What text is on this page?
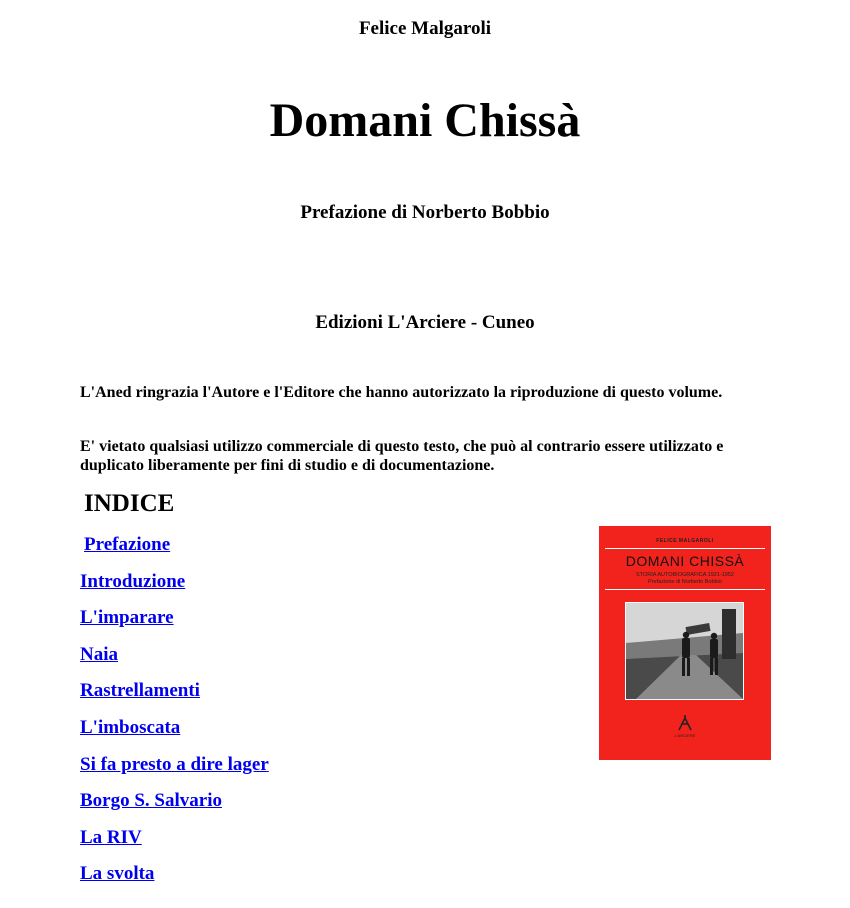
Felice Malgaroli
Domani Chissà
Prefazione di Norberto Bobbio
Edizioni L'Arciere - Cuneo

L'Aned ringrazia l'Autore e l'Editore che hanno autorizzato la riproduzione di questo volume.

E' vietato qualsiasi utilizzo commerciale di questo testo, che può al contrario essere utilizzato e duplicato liberamente per fini di studio e di documentazione.

INDICE
Prefazione
Introduzione
L'imparare
Naia
Rastrellamenti
L'imboscata
Si fa presto a dire lager
Borgo S. Salvario
La RIV
La svolta
FELICE MALGAROLI
DOMANI CHISSÀ
STORIA AUTOBIOGRAFICA 1921-1952
Prefazione di Norberto Bobbio
L'ARCIERE
